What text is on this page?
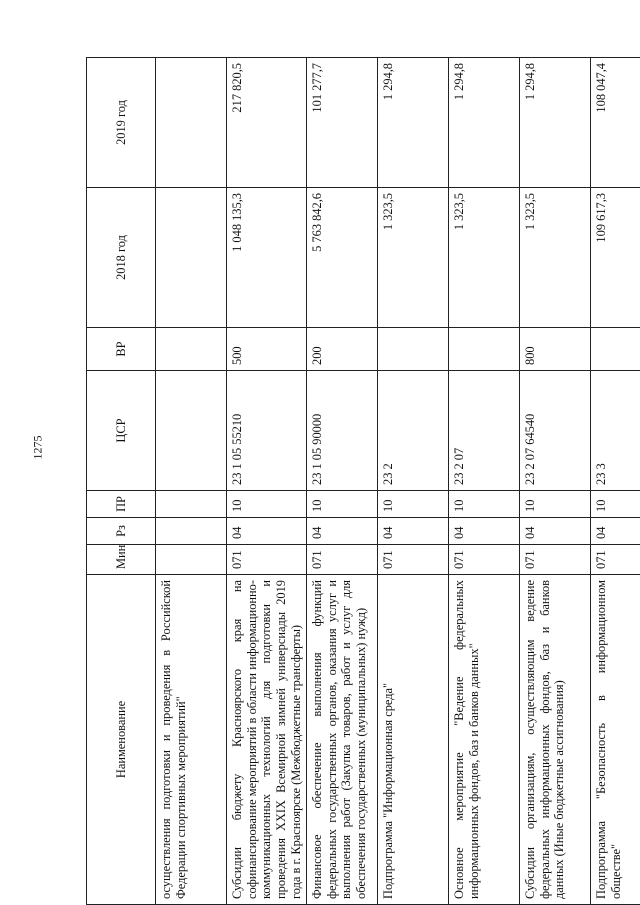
1275
Наименование	Мин	Рз	ПР	ЦСР	ВР	2018 год	2019 год
осуществления подготовки и проведения в Российской Федерации спортивных мероприятий"							
Субсидии бюджету Красноярского края на софинансирование мероприятий в области информационно-коммуникационных технологий для подготовки и проведения XXIX Всемирной зимней универсиады 2019 года в г. Красноярске (Межбюджетные трансферты)	071	04	10	23 1 05 55210	500	1 048 135,3	217 820,5
Финансовое обеспечение выполнения функций федеральных государственных органов, оказания услуг и выполнения работ (Закупка товаров, работ и услуг для обеспечения государственных (муниципальных) нужд)	071	04	10	23 1 05 90000	200	5 763 842,6	101 277,7
Подпрограмма "Информационная среда"	071	04	10	23 2		1 323,5	1 294,8
Основное мероприятие "Ведение федеральных информационных фондов, баз и банков данных"	071	04	10	23 2 07		1 323,5	1 294,8
Субсидии организациям, осуществляющим ведение федеральных информационных фондов, баз и банков данных (Иные бюджетные ассигнования)	071	04	10	23 2 07 64540	800	1 323,5	1 294,8
Подпрограмма "Безопасность в информационном обществе"	071	04	10	23 3		109 617,3	108 047,4
